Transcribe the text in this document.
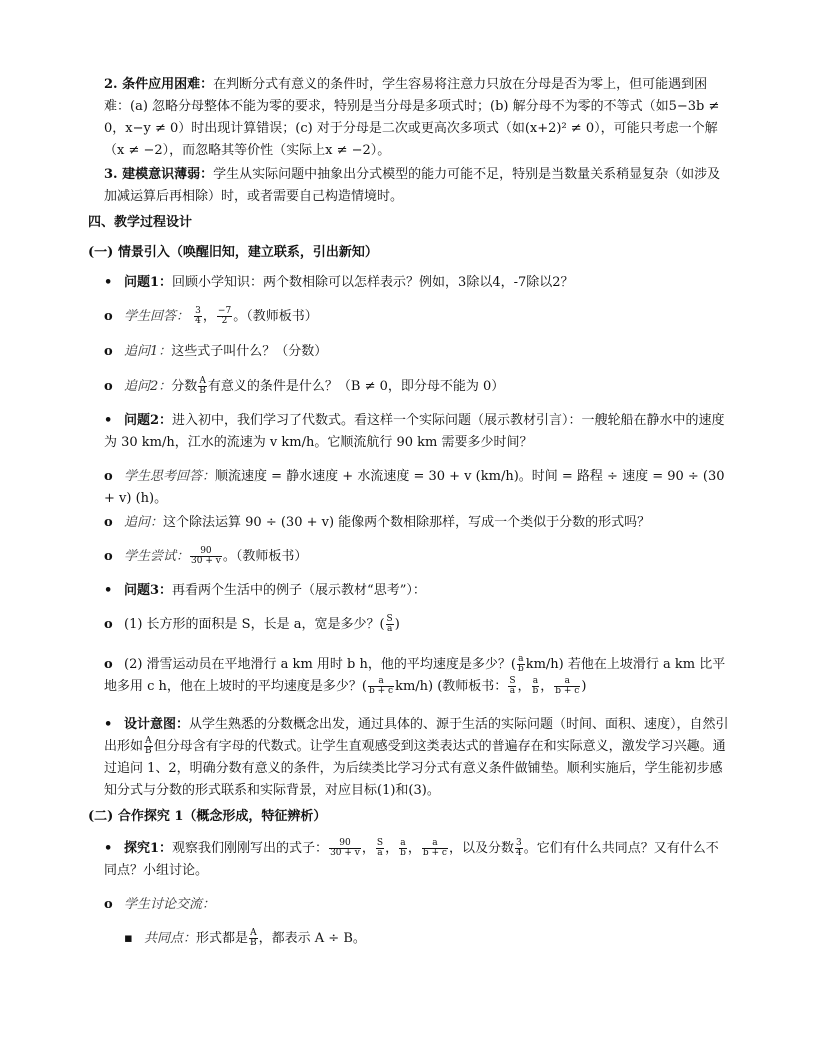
2. 条件应用困难：在判断分式有意义的条件时，学生容易将注意力只放在分母是否为零上，但可能遇到困难：(a) 忽略分母整体不能为零的要求，特别是当分母是多项式时；(b) 解分母不为零的不等式（如5−3b ≠ 0，x−y ≠ 0）时出现计算错误；(c) 对于分母是二次或更高次多项式（如(x+2)² ≠ 0），可能只考虑一个解（x ≠ −2），而忽略其等价性（实际上x ≠ −2）。
3. 建模意识薄弱：学生从实际问题中抽象出分式模型的能力可能不足，特别是当数量关系稍显复杂（如涉及加减运算后再相除）时，或者需要自己构造情境时。
四、教学过程设计
(一) 情景引入（唤醒旧知，建立联系，引出新知）
• 问题1：回顾小学知识：两个数相除可以怎样表示？例如，3除以4，-7除以2？
o 学生回答： $\frac{3}{4}$ ， $\frac{-7}{2}$ 。（教师板书）
o 追问1：这些式子叫什么？（分数）
o 追问2：分数 $\frac{A}{B}$ 有意义的条件是什么？（B ≠ 0，即分母不能为 0）
• 问题2：进入初中，我们学习了代数式。看这样一个实际问题（展示教材引言）：一艘轮船在静水中的速度为 30 km/h，江水的流速为 v km/h。它顺流航行 90 km 需要多少时间？
o 学生思考回答：顺流速度 = 静水速度 + 水流速度 = 30 + v (km/h)。时间 = 路程 ÷ 速度 = 90 ÷ (30 + v) (h)。
o 追问：这个除法运算 90 ÷ (30 + v) 能像两个数相除那样，写成一个类似于分数的形式吗？
o 学生尝试： $\frac{90}{30 + v}$ 。（教师板书）
• 问题3：再看两个生活中的例子（展示教材“思考”）：
o (1) 长方形的面积是 S，长是 a，宽是多少？( $\frac{S}{a}$ )
o (2) 滑雪运动员在平地滑行 a km 用时 b h，他的平均速度是多少？( $\frac{a}{b} km/h$) 若他在上坡滑行 a km 比平地多用 c h，他在上坡时的平均速度是多少？( $\frac{a}{b + c} km/h$) (教师板书： $\frac{S}{a}$ ， $\frac{a}{b}$ ， $\frac{a}{b + c}$ )
• 设计意图：从学生熟悉的分数概念出发，通过具体的、源于生活的实际问题（时间、面积、速度），自然引出形如 $\frac{A}{B}$ 但分母含有字母的代数式。让学生直观感受到这类表达式的普遍存在和实际意义，激发学习兴趣。通过追问 1、2，明确分数有意义的条件，为后续类比学习分式有意义条件做铺垫。顺利实施后，学生能初步感知分式与分数的形式联系和实际背景，对应目标(1)和(3)。
(二) 合作探究 1（概念形成，特征辨析）
• 探究1：观察我们刚刚写出的式子： $\frac{90}{30 + v}$ ， $\frac{S}{a}$ ， $\frac{a}{b}$ ， $\frac{a}{b + c}$ ，以及分数 $\frac{3}{4}$ 。它们有什么共同点？又有什么不同点？小组讨论。
o 学生讨论交流：
▪ 共同点：形式都是 $\frac{A}{B}$ ，都表示 A ÷ B。
